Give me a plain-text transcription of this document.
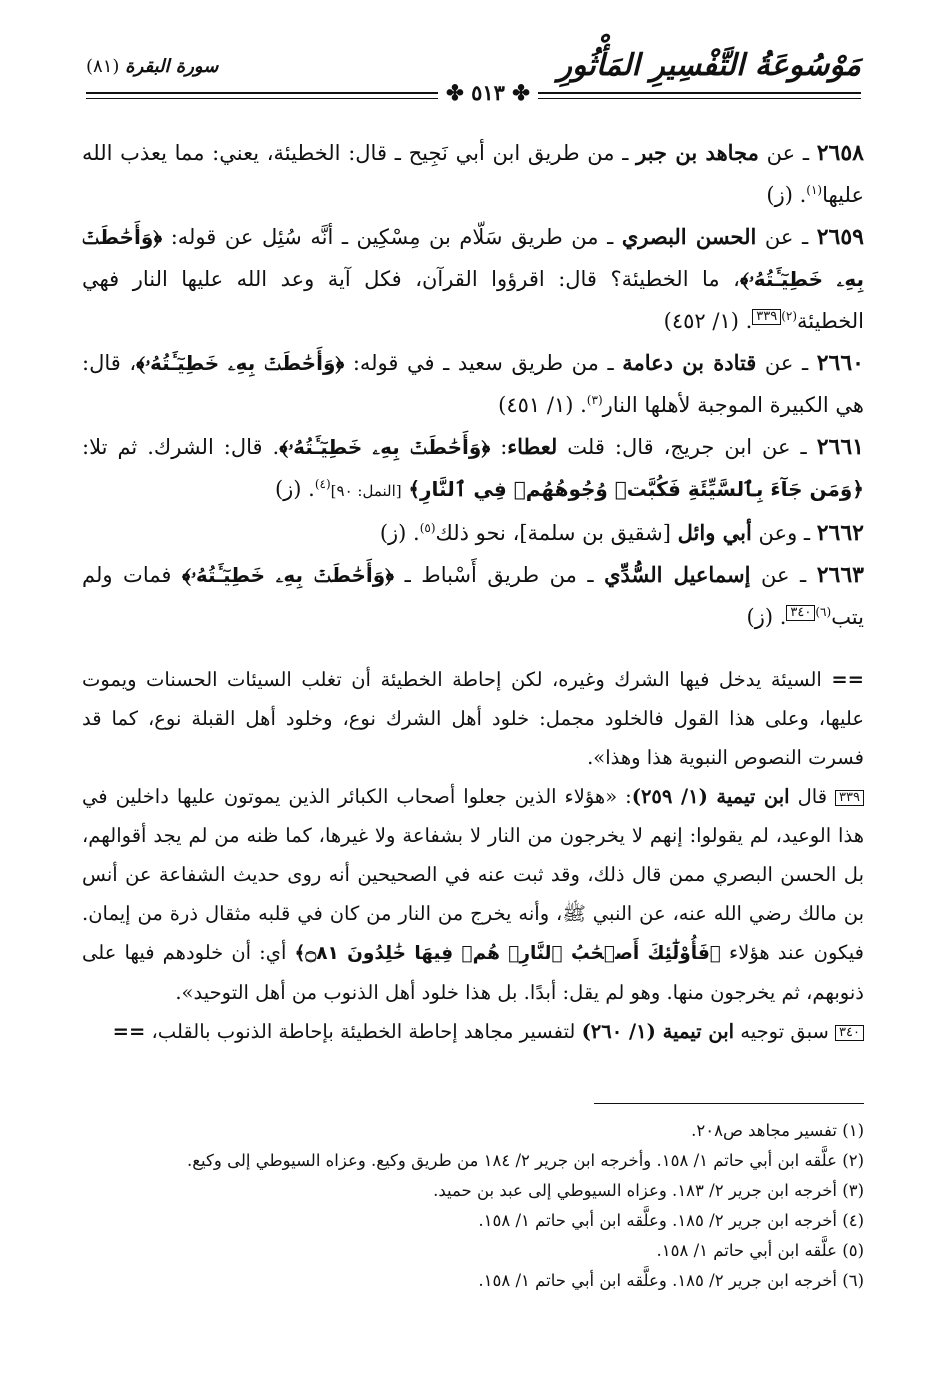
مَوْسُوعَةُ التَّفْسِيرِ المَأْثُورِ
سورة البقرة (٨١)
✤ ٥١٣ ✤

٢٦٥٨ ـ عن مجاهد بن جبر ـ من طريق ابن أبي نَجِيح ـ قال: الخطيئة، يعني: مما يعذب الله عليها$^{(١)}$. (ز)

٢٦٥٩ ـ عن الحسن البصري ـ من طريق سَلّام بن مِسْكِين ـ أنَّه سُئِل عن قوله: ﴿وَأَحَٰطَتۡ بِهِۦ خَطِيٓـَٔتُهُۥ﴾، ما الخطيئة؟ قال: اقرؤوا القرآن، فكل آية وعد الله عليها النار فهي الخطيئة$^{(٢)}$٣٣٩. (١/ ٤٥٢)

٢٦٦٠ ـ عن قتادة بن دعامة ـ من طريق سعيد ـ في قوله: ﴿وَأَحَٰطَتۡ بِهِۦ خَطِيٓـَٔتُهُۥ﴾، قال: هي الكبيرة الموجبة لأهلها النار$^{(٣)}$. (١/ ٤٥١)

٢٦٦١ ـ عن ابن جريج، قال: قلت لعطاء: ﴿وَأَحَٰطَتۡ بِهِۦ خَطِيٓـَٔتُهُۥ﴾. قال: الشرك. ثم تلا: ﴿وَمَن جَآءَ بِٱلسَّيِّئَةِ فَكُبَّتۡ وُجُوهُهُمۡ فِي ٱلنَّارِ﴾ [النمل: ٩٠]$^{(٤)}$. (ز)

٢٦٦٢ ـ وعن أبي وائل [شقيق بن سلمة]، نحو ذلك$^{(٥)}$. (ز)

٢٦٦٣ ـ عن إسماعيل السُّدِّي ـ من طريق أَسْباط ـ ﴿وَأَحَٰطَتۡ بِهِۦ خَطِيٓـَٔتُهُۥ﴾ فمات ولم يتب$^{(٦)}$٣٤٠. (ز)

== السيئة يدخل فيها الشرك وغيره، لكن إحاطة الخطيئة أن تغلب السيئات الحسنات ويموت عليها، وعلى هذا القول فالخلود مجمل: خلود أهل الشرك نوع، وخلود أهل القبلة نوع، كما قد فسرت النصوص النبوية هذا وهذا».

٣٣٩ قال ابن تيمية (١/ ٢٥٩): «هؤلاء الذين جعلوا أصحاب الكبائر الذين يموتون عليها داخلين في هذا الوعيد، لم يقولوا: إنهم لا يخرجون من النار لا بشفاعة ولا غيرها، كما ظنه من لم يجد أقوالهم، بل الحسن البصري ممن قال ذلك، وقد ثبت عنه في الصحيحين أنه روى حديث الشفاعة عن أنس بن مالك رضي الله عنه، عن النبي ﷺ، وأنه يخرج من النار من كان في قلبه مثقال ذرة من إيمان. فيكون عند هؤلاء ﴿فَأُوْلَٰٓئِكَ أَصۡحَٰبُ ٱلنَّارِۖ هُمۡ فِيهَا خَٰلِدُونَ ۝٨١﴾ أي: أن خلودهم فيها على ذنوبهم، ثم يخرجون منها. وهو لم يقل: أبدًا. بل هذا خلود أهل الذنوب من أهل التوحيد».

٣٤٠ سبق توجيه ابن تيمية (١/ ٢٦٠) لتفسير مجاهد إحاطة الخطيئة بإحاطة الذنوب بالقلب، ==

(١) تفسير مجاهد ص٢٠٨.
(٢) علَّقه ابن أبي حاتم ١/ ١٥٨. وأخرجه ابن جرير ٢/ ١٨٤ من طريق وكيع. وعزاه السيوطي إلى وكيع.
(٣) أخرجه ابن جرير ٢/ ١٨٣. وعزاه السيوطي إلى عبد بن حميد.
(٤) أخرجه ابن جرير ٢/ ١٨٥. وعلَّقه ابن أبي حاتم ١/ ١٥٨.
(٥) علَّقه ابن أبي حاتم ١/ ١٥٨.
(٦) أخرجه ابن جرير ٢/ ١٨٥. وعلَّقه ابن أبي حاتم ١/ ١٥٨.
